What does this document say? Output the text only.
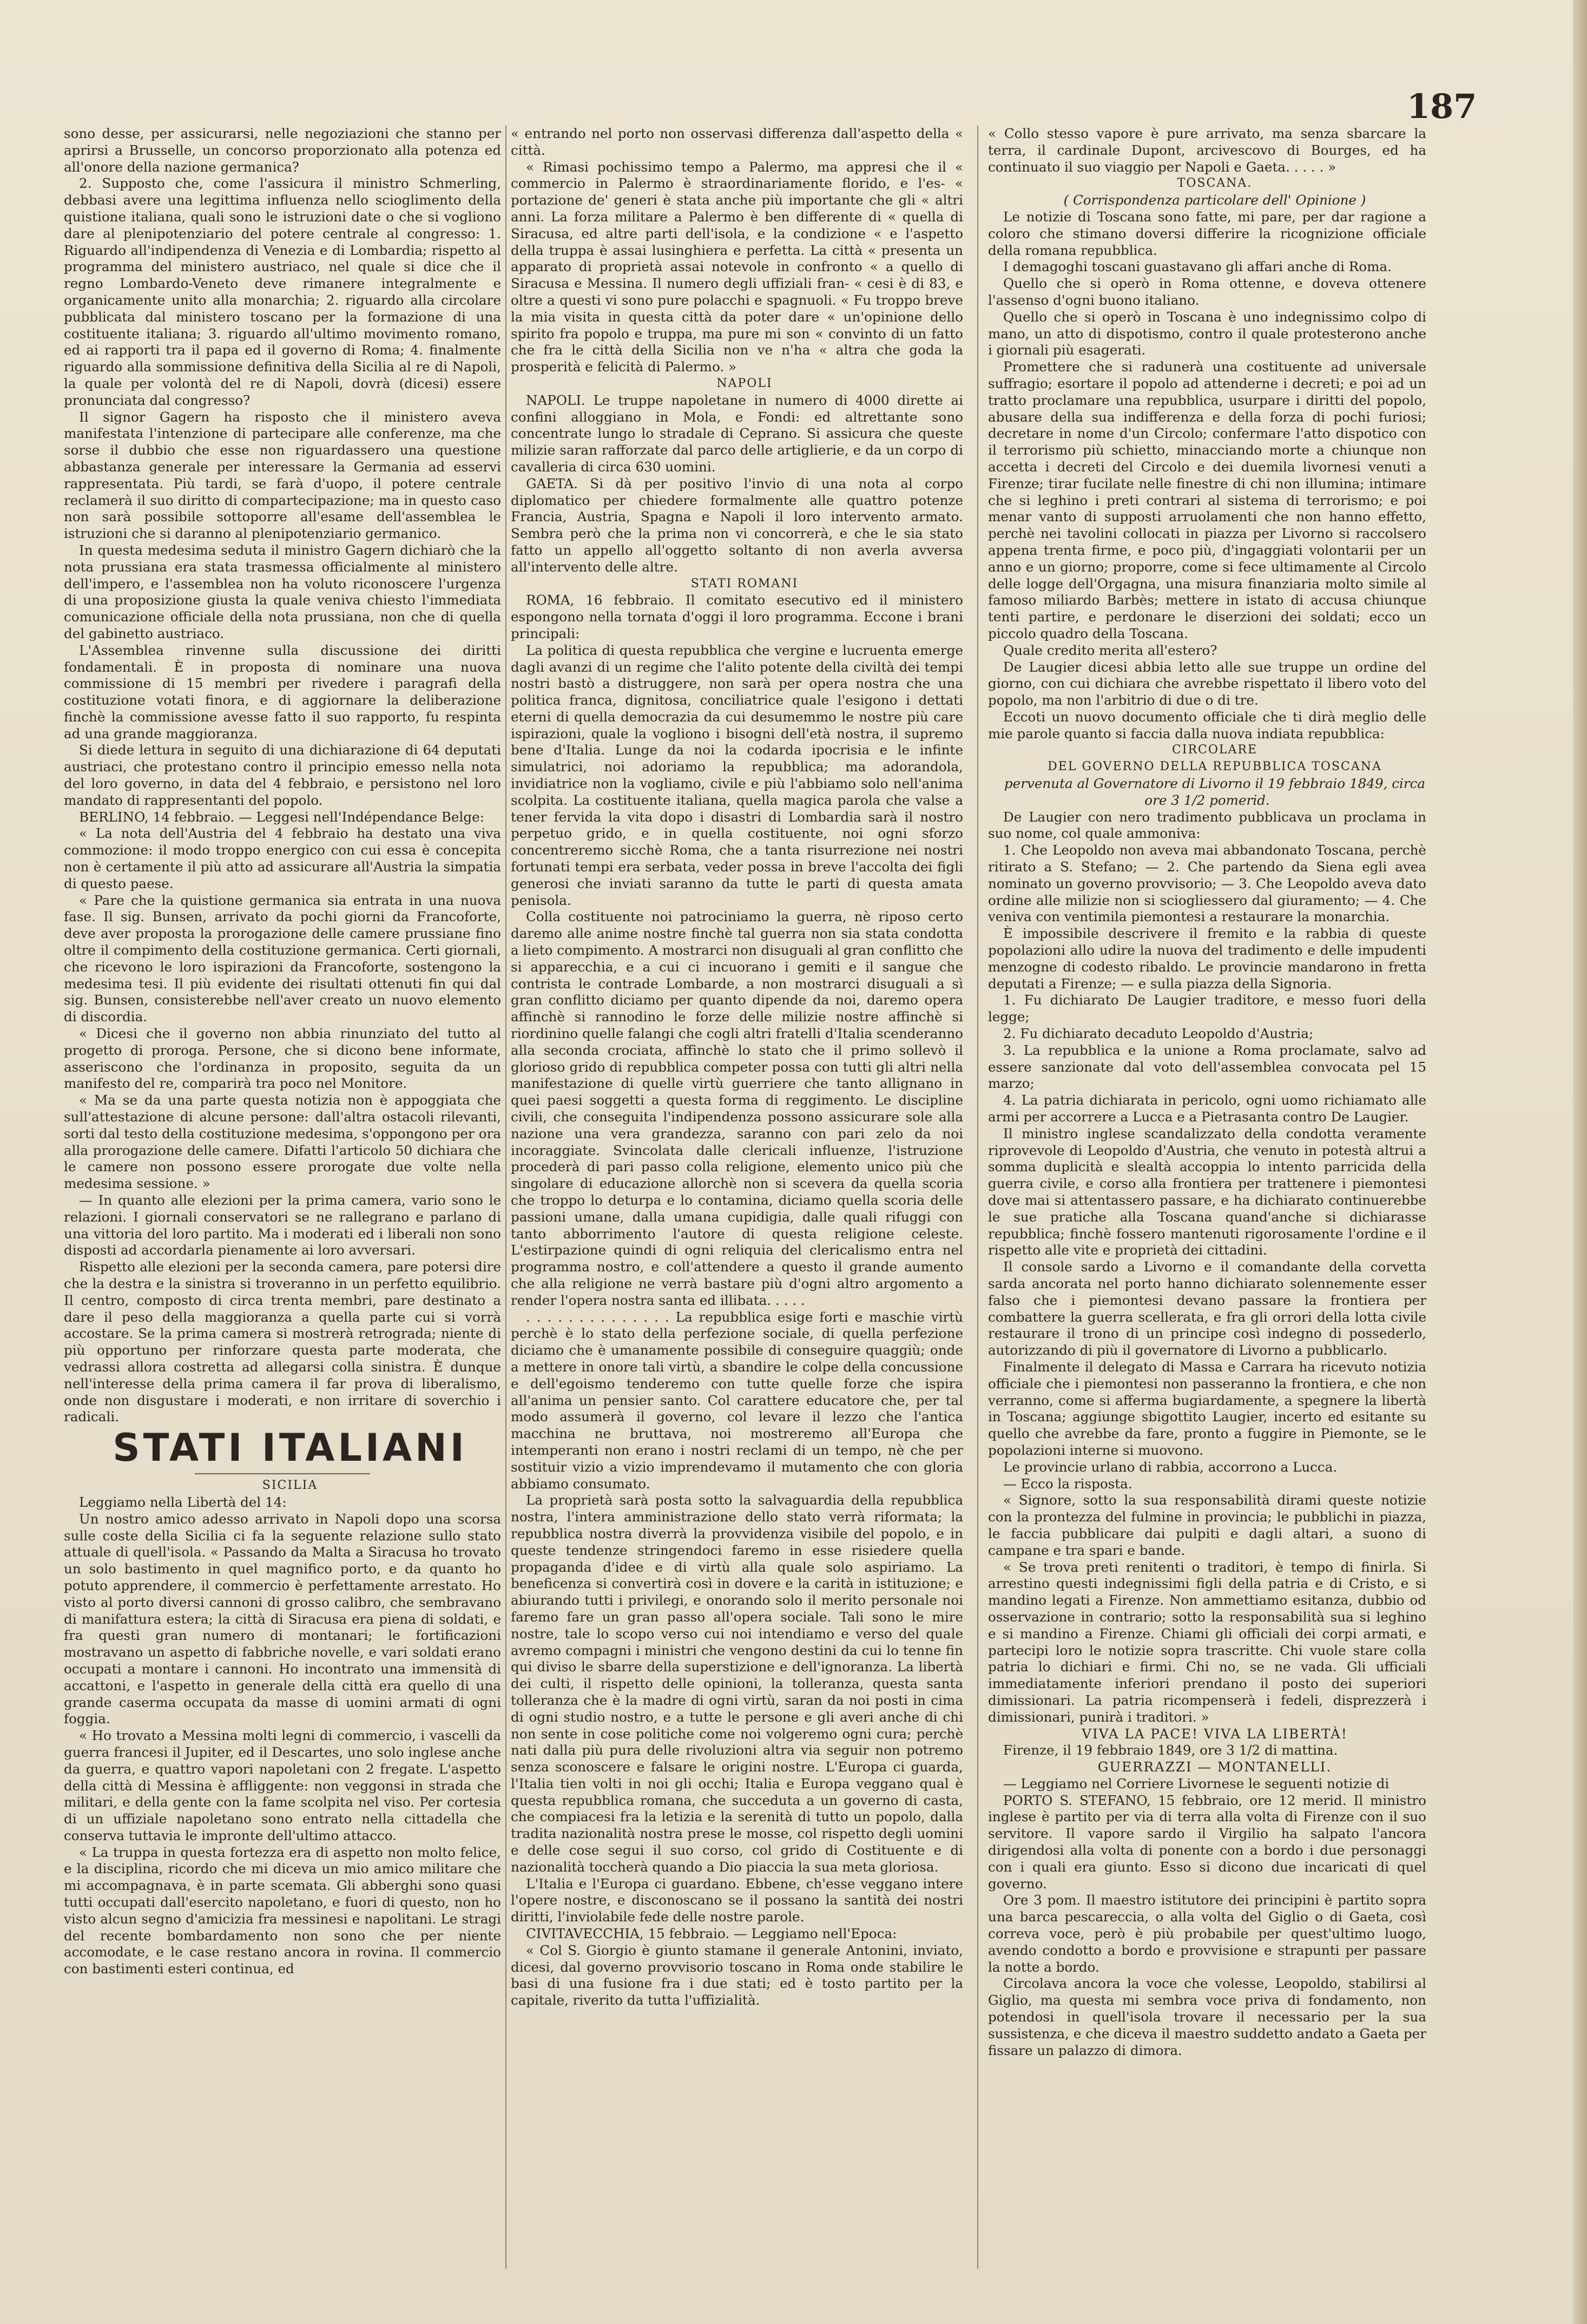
187

sono desse, per assicurarsi, nelle negoziazioni che stanno per aprirsi a Brusselle, un concorso proporzionato alla potenza ed all'onore della nazione germanica?

2. Supposto che, come l'assicura il ministro Schmerling, debbasi avere una legittima influenza nello scioglimento della quistione italiana, quali sono le istruzioni date o che si vogliono dare al plenipotenziario del potere centrale al congresso: 1. Riguardo all'indipendenza di Venezia e di Lombardia; rispetto al programma del ministero austriaco, nel quale si dice che il regno Lombardo-Veneto deve rimanere integralmente e organicamente unito alla monarchia; 2. riguardo alla circolare pubblicata dal ministero toscano per la formazione di una costituente italiana; 3. riguardo all'ultimo movimento romano, ed ai rapporti tra il papa ed il governo di Roma; 4. finalmente riguardo alla sommissione definitiva della Sicilia al re di Napoli, la quale per volontà del re di Napoli, dovrà (dicesi) essere pronunciata dal congresso?

Il signor Gagern ha risposto che il ministero aveva manifestata l'intenzione di partecipare alle conferenze, ma che sorse il dubbio che esse non riguardassero una questione abbastanza generale per interessare la Germania ad esservi rappresentata. Più tardi, se farà d'uopo, il potere centrale reclamerà il suo diritto di compartecipazione; ma in questo caso non sarà possibile sottoporre all'esame dell'assemblea le istruzioni che si daranno al plenipotenziario germanico.

In questa medesima seduta il ministro Gagern dichiarò che la nota prussiana era stata trasmessa officialmente al ministero dell'impero, e l'assemblea non ha voluto riconoscere l'urgenza di una proposizione giusta la quale veniva chiesto l'immediata comunicazione officiale della nota prussiana, non che di quella del gabinetto austriaco.

L'Assemblea rinvenne sulla discussione dei diritti fondamentali. È in proposta di nominare una nuova commissione di 15 membri per rivedere i paragrafi della costituzione votati finora, e di aggiornare la deliberazione finchè la commissione avesse fatto il suo rapporto, fu respinta ad una grande maggioranza.

Si diede lettura in seguito di una dichiarazione di 64 deputati austriaci, che protestano contro il principio emesso nella nota del loro governo, in data del 4 febbraio, e persistono nel loro mandato di rappresentanti del popolo.

BERLINO, 14 febbraio. — Leggesi nell'Indépendance Belge:

« La nota dell'Austria del 4 febbraio ha destato una viva commozione: il modo troppo energico con cui essa è concepita non è certamente il più atto ad assicurare all'Austria la simpatia di questo paese.

« Pare che la quistione germanica sia entrata in una nuova fase. Il sig. Bunsen, arrivato da pochi giorni da Francoforte, deve aver proposta la prorogazione delle camere prussiane fino oltre il compimento della costituzione germanica. Certi giornali, che ricevono le loro ispirazioni da Francoforte, sostengono la medesima tesi. Il più evidente dei risultati ottenuti fin qui dal sig. Bunsen, consisterebbe nell'aver creato un nuovo elemento di discordia.

« Dicesi che il governo non abbia rinunziato del tutto al progetto di proroga. Persone, che si dicono bene informate, asseriscono che l'ordinanza in proposito, seguita da un manifesto del re, comparirà tra poco nel Monitore.

« Ma se da una parte questa notizia non è appoggiata che sull'attestazione di alcune persone: dall'altra ostacoli rilevanti, sorti dal testo della costituzione medesima, s'oppongono per ora alla prorogazione delle camere. Difatti l'articolo 50 dichiara che le camere non possono essere prorogate due volte nella medesima sessione. »

— In quanto alle elezioni per la prima camera, vario sono le relazioni. I giornali conservatori se ne rallegrano e parlano di una vittoria del loro partito. Ma i moderati ed i liberali non sono disposti ad accordarla pienamente ai loro avversari.

Rispetto alle elezioni per la seconda camera, pare potersi dire che la destra e la sinistra si troveranno in un perfetto equilibrio. Il centro, composto di circa trenta membri, pare destinato a dare il peso della maggioranza a quella parte cui si vorrà accostare. Se la prima camera si mostrerà retrograda; niente di più opportuno per rinforzare questa parte moderata, che vedrassi allora costretta ad allegarsi colla sinistra. È dunque nell'interesse della prima camera il far prova di liberalismo, onde non disgustare i moderati, e non irritare di soverchio i radicali.

STATI ITALIANI

SICILIA

Leggiamo nella Libertà del 14:

Un nostro amico adesso arrivato in Napoli dopo una scorsa sulle coste della Sicilia ci fa la seguente relazione sullo stato attuale di quell'isola. « Passando da Malta a Siracusa ho trovato un solo bastimento in quel magnifico porto, e da quanto ho potuto apprendere, il commercio è perfettamente arrestato. Ho visto al porto diversi cannoni di grosso calibro, che sembravano di manifattura estera; la città di Siracusa era piena di soldati, e fra questi gran numero di montanari; le fortificazioni mostravano un aspetto di fabbriche novelle, e vari soldati erano occupati a montare i cannoni. Ho incontrato una immensità di accattoni, e l'aspetto in generale della città era quello di una grande caserma occupata da masse di uomini armati di ogni foggia.

« Ho trovato a Messina molti legni di commercio, i vascelli da guerra francesi il Jupiter, ed il Descartes, uno solo inglese anche da guerra, e quattro vapori napoletani con 2 fregate. L'aspetto della città di Messina è affliggente: non veggonsi in strada che militari, e della gente con la fame scolpita nel viso. Per cortesia di un uffiziale napoletano sono entrato nella cittadella che conserva tuttavia le impronte dell'ultimo attacco.

« La truppa in questa fortezza era di aspetto non molto felice, e la disciplina, ricordo che mi diceva un mio amico militare che mi accompagnava, è in parte scemata. Gli abberghi sono quasi tutti occupati dall'esercito napoletano, e fuori di questo, non ho visto alcun segno d'amicizia fra messinesi e napolitani. Le stragi del recente bombardamento non sono che per niente accomodate, e le case restano ancora in rovina. Il commercio con bastimenti esteri continua, ed

« entrando nel porto non osservasi differenza dall'aspetto della « città.

« Rimasi pochissimo tempo a Palermo, ma appresi che il « commercio in Palermo è straordinariamente florido, e l'es- « portazione de' generi è stata anche più importante che gli « altri anni. La forza militare a Palermo è ben differente di « quella di Siracusa, ed altre parti dell'isola, e la condizione « e l'aspetto della truppa è assai lusinghiera e perfetta. La città « presenta un apparato di proprietà assai notevole in confronto « a quello di Siracusa e Messina. Il numero degli uffiziali fran- « cesi è di 83, e oltre a questi vi sono pure polacchi e spagnuoli. « Fu troppo breve la mia visita in questa città da poter dare « un'opinione dello spirito fra popolo e truppa, ma pure mi son « convinto di un fatto che fra le città della Sicilia non ve n'ha « altra che goda la prosperità e felicità di Palermo. »

NAPOLI

NAPOLI. Le truppe napoletane in numero di 4000 dirette ai confini alloggiano in Mola, e Fondi: ed altrettante sono concentrate lungo lo stradale di Ceprano. Si assicura che queste milizie saran rafforzate dal parco delle artiglierie, e da un corpo di cavalleria di circa 630 uomini.

GAETA. Si dà per positivo l'invio di una nota al corpo diplomatico per chiedere formalmente alle quattro potenze Francia, Austria, Spagna e Napoli il loro intervento armato. Sembra però che la prima non vi concorrerà, e che le sia stato fatto un appello all'oggetto soltanto di non averla avversa all'intervento delle altre.

STATI ROMANI

ROMA, 16 febbraio. Il comitato esecutivo ed il ministero espongono nella tornata d'oggi il loro programma. Eccone i brani principali:

La politica di questa repubblica che vergine e lucruenta emerge dagli avanzi di un regime che l'alito potente della civiltà dei tempi nostri bastò a distruggere, non sarà per opera nostra che una politica franca, dignitosa, conciliatrice quale l'esigono i dettati eterni di quella democrazia da cui desumemmo le nostre più care ispirazioni, quale la vogliono i bisogni dell'età nostra, il supremo bene d'Italia. Lunge da noi la codarda ipocrisia e le infinte simulatrici, noi adoriamo la repubblica; ma adorandola, invidiatrice non la vogliamo, civile e più l'abbiamo solo nell'anima scolpita. La costituente italiana, quella magica parola che valse a tener fervida la vita dopo i disastri di Lombardia sarà il nostro perpetuo grido, e in quella costituente, noi ogni sforzo concentreremo sicchè Roma, che a tanta risurrezione nei nostri fortunati tempi era serbata, veder possa in breve l'accolta dei figli generosi che inviati saranno da tutte le parti di questa amata penisola.

Colla costituente noi patrociniamo la guerra, nè riposo certo daremo alle anime nostre finchè tal guerra non sia stata condotta a lieto compimento. A mostrarci non disuguali al gran conflitto che si apparecchia, e a cui ci incuorano i gemiti e il sangue che contrista le contrade Lombarde, a non mostrarci disuguali a sì gran conflitto diciamo per quanto dipende da noi, daremo opera affinchè si rannodino le forze delle milizie nostre affinchè si riordinino quelle falangi che cogli altri fratelli d'Italia scenderanno alla seconda crociata, affinchè lo stato che il primo sollevò il glorioso grido di repubblica competer possa con tutti gli altri nella manifestazione di quelle virtù guerriere che tanto allignano in quei paesi soggetti a questa forma di reggimento. Le discipline civili, che conseguita l'indipendenza possono assicurare sole alla nazione una vera grandezza, saranno con pari zelo da noi incoraggiate. Svincolata dalle clericali influenze, l'istruzione procederà di pari passo colla religione, elemento unico più che singolare di educazione allorchè non si scevera da quella scoria che troppo lo deturpa e lo contamina, diciamo quella scoria delle passioni umane, dalla umana cupidigia, dalle quali rifuggi con tanto abborrimento l'autore di questa religione celeste. L'estirpazione quindi di ogni reliquia del clericalismo entra nel programma nostro, e coll'attendere a questo il grande aumento che alla religione ne verrà bastare più d'ogni altro argomento a render l'opera nostra santa ed illibata. . . . .

. . . . . . . . . . . . . . La repubblica esige forti e maschie virtù perchè è lo stato della perfezione sociale, di quella perfezione diciamo che è umanamente possibile di conseguire quaggiù; onde a mettere in onore tali virtù, a sbandire le colpe della concussione e dell'egoismo tenderemo con tutte quelle forze che ispira all'anima un pensier santo. Col carattere educatore che, per tal modo assumerà il governo, col levare il lezzo che l'antica macchina ne bruttava, noi mostreremo all'Europa che intemperanti non erano i nostri reclami di un tempo, nè che per sostituir vizio a vizio imprendevamo il mutamento che con gloria abbiamo consumato.

La proprietà sarà posta sotto la salvaguardia della repubblica nostra, l'intera amministrazione dello stato verrà riformata; la repubblica nostra diverrà la provvidenza visibile del popolo, e in queste tendenze stringendoci faremo in esse risiedere quella propaganda d'idee e di virtù alla quale solo aspiriamo. La beneficenza si convertirà così in dovere e la carità in istituzione; e abiurando tutti i privilegi, e onorando solo il merito personale noi faremo fare un gran passo all'opera sociale. Tali sono le mire nostre, tale lo scopo verso cui noi intendiamo e verso del quale avremo compagni i ministri che vengono destini da cui lo tenne fin qui diviso le sbarre della superstizione e dell'ignoranza. La libertà dei culti, il rispetto delle opinioni, la tolleranza, questa santa tolleranza che è la madre di ogni virtù, saran da noi posti in cima di ogni studio nostro, e a tutte le persone e gli averi anche di chi non sente in cose politiche come noi volgeremo ogni cura; perchè nati dalla più pura delle rivoluzioni altra via seguir non potremo senza sconoscere e falsare le origini nostre. L'Europa ci guarda, l'Italia tien volti in noi gli occhi; Italia e Europa veggano qual è questa repubblica romana, che succeduta a un governo di casta, che compiacesi fra la letizia e la serenità di tutto un popolo, dalla tradita nazionalità nostra prese le mosse, col rispetto degli uomini e delle cose segui il suo corso, col grido di Costituente e di nazionalità toccherà quando a Dio piaccia la sua meta gloriosa.

L'Italia e l'Europa ci guardano. Ebbene, ch'esse veggano intere l'opere nostre, e disconoscano se il possano la santità dei nostri diritti, l'inviolabile fede delle nostre parole.

CIVITAVECCHIA, 15 febbraio. — Leggiamo nell'Epoca:

« Col S. Giorgio è giunto stamane il generale Antonini, inviato, dicesi, dal governo provvisorio toscano in Roma onde stabilire le basi di una fusione fra i due stati; ed è tosto partito per la capitale, riverito da tutta l'uffizialità.

« Collo stesso vapore è pure arrivato, ma senza sbarcare la terra, il cardinale Dupont, arcivescovo di Bourges, ed ha continuato il suo viaggio per Napoli e Gaeta. . . . . »

TOSCANA.

( Corrispondenza particolare dell' Opinione )

Le notizie di Toscana sono fatte, mi pare, per dar ragione a coloro che stimano doversi differire la ricognizione officiale della romana repubblica.

I demagoghi toscani guastavano gli affari anche di Roma.

Quello che si operò in Roma ottenne, e doveva ottenere l'assenso d'ogni buono italiano.

Quello che si operò in Toscana è uno indegnissimo colpo di mano, un atto di dispotismo, contro il quale protesterono anche i giornali più esagerati.

Promettere che si radunerà una costituente ad universale suffragio; esortare il popolo ad attenderne i decreti; e poi ad un tratto proclamare una repubblica, usurpare i diritti del popolo, abusare della sua indifferenza e della forza di pochi furiosi; decretare in nome d'un Circolo; confermare l'atto dispotico con il terrorismo più schietto, minacciando morte a chiunque non accetta i decreti del Circolo e dei duemila livornesi venuti a Firenze; tirar fucilate nelle finestre di chi non illumina; intimare che si leghino i preti contrari al sistema di terrorismo; e poi menar vanto di supposti arruolamenti che non hanno effetto, perchè nei tavolini collocati in piazza per Livorno si raccolsero appena trenta firme, e poco più, d'ingaggiati volontarii per un anno e un giorno; proporre, come si fece ultimamente al Circolo delle logge dell'Orgagna, una misura finanziaria molto simile al famoso miliardo Barbès; mettere in istato di accusa chiunque tenti partire, e perdonare le diserzioni dei soldati; ecco un piccolo quadro della Toscana.

Quale credito merita all'estero?

De Laugier dicesi abbia letto alle sue truppe un ordine del giorno, con cui dichiara che avrebbe rispettato il libero voto del popolo, ma non l'arbitrio di due o di tre.

Eccoti un nuovo documento officiale che ti dirà meglio delle mie parole quanto si faccia dalla nuova indiata repubblica:

CIRCOLARE

DEL GOVERNO DELLA REPUBBLICA TOSCANA

pervenuta al Governatore di Livorno il 19 febbraio 1849, circa ore 3 1/2 pomerid.

De Laugier con nero tradimento pubblicava un proclama in suo nome, col quale ammoniva:

1. Che Leopoldo non aveva mai abbandonato Toscana, perchè ritirato a S. Stefano; — 2. Che partendo da Siena egli avea nominato un governo provvisorio; — 3. Che Leopoldo aveva dato ordine alle milizie non si sciogliessero dal giuramento; — 4. Che veniva con ventimila piemontesi a restaurare la monarchia.

È impossibile descrivere il fremito e la rabbia di queste popolazioni allo udire la nuova del tradimento e delle impudenti menzogne di codesto ribaldo. Le provincie mandarono in fretta deputati a Firenze; — e sulla piazza della Signoria.

1. Fu dichiarato De Laugier traditore, e messo fuori della legge;

2. Fu dichiarato decaduto Leopoldo d'Austria;

3. La repubblica e la unione a Roma proclamate, salvo ad essere sanzionate dal voto dell'assemblea convocata pel 15 marzo;

4. La patria dichiarata in pericolo, ogni uomo richiamato alle armi per accorrere a Lucca e a Pietrasanta contro De Laugier.

Il ministro inglese scandalizzato della condotta veramente riprovevole di Leopoldo d'Austria, che venuto in potestà altrui a somma duplicità e slealtà accoppia lo intento parricida della guerra civile, e corso alla frontiera per trattenere i piemontesi dove mai si attentassero passare, e ha dichiarato continuerebbe le sue pratiche alla Toscana quand'anche si dichiarasse repubblica; finchè fossero mantenuti rigorosamente l'ordine e il rispetto alle vite e proprietà dei cittadini.

Il console sardo a Livorno e il comandante della corvetta sarda ancorata nel porto hanno dichiarato solennemente esser falso che i piemontesi devano passare la frontiera per combattere la guerra scellerata, e fra gli orrori della lotta civile restaurare il trono di un principe così indegno di possederlo, autorizzando di più il governatore di Livorno a pubblicarlo.

Finalmente il delegato di Massa e Carrara ha ricevuto notizia officiale che i piemontesi non passeranno la frontiera, e che non verranno, come si afferma bugiardamente, a spegnere la libertà in Toscana; aggiunge sbigottito Laugier, incerto ed esitante su quello che avrebbe da fare, pronto a fuggire in Piemonte, se le popolazioni interne si muovono.

Le provincie urlano di rabbia, accorrono a Lucca.

— Ecco la risposta.

« Signore, sotto la sua responsabilità dirami queste notizie con la prontezza del fulmine in provincia; le pubblichi in piazza, le faccia pubblicare dai pulpiti e dagli altari, a suono di campane e tra spari e bande.

« Se trova preti renitenti o traditori, è tempo di finirla. Si arrestino questi indegnissimi figli della patria e di Cristo, e si mandino legati a Firenze. Non ammettiamo esitanza, dubbio od osservazione in contrario; sotto la responsabilità sua si leghino e si mandino a Firenze. Chiami gli officiali dei corpi armati, e partecipi loro le notizie sopra trascritte. Chi vuole stare colla patria lo dichiari e firmi. Chi no, se ne vada. Gli ufficiali immediatamente inferiori prendano il posto dei superiori dimissionari. La patria ricompenserà i fedeli, disprezzerà i dimissionari, punirà i traditori. »

VIVA LA PACE! VIVA LA LIBERTÀ!

Firenze, il 19 febbraio 1849, ore 3 1/2 di mattina.

GUERRAZZI — MONTANELLI.

— Leggiamo nel Corriere Livornese le seguenti notizie di

PORTO S. STEFANO, 15 febbraio, ore 12 merid. Il ministro inglese è partito per via di terra alla volta di Firenze con il suo servitore. Il vapore sardo il Virgilio ha salpato l'ancora dirigendosi alla volta di ponente con a bordo i due personaggi con i quali era giunto. Esso si dicono due incaricati di quel governo.

Ore 3 pom. Il maestro istitutore dei principini è partito sopra una barca pescareccia, o alla volta del Giglio o di Gaeta, così correva voce, però è più probabile per quest'ultimo luogo, avendo condotto a bordo e provvisione e strapunti per passare la notte a bordo.

Circolava ancora la voce che volesse, Leopoldo, stabilirsi al Giglio, ma questa mi sembra voce priva di fondamento, non potendosi in quell'isola trovare il necessario per la sua sussistenza, e che diceva il maestro suddetto andato a Gaeta per fissare un palazzo di dimora.
